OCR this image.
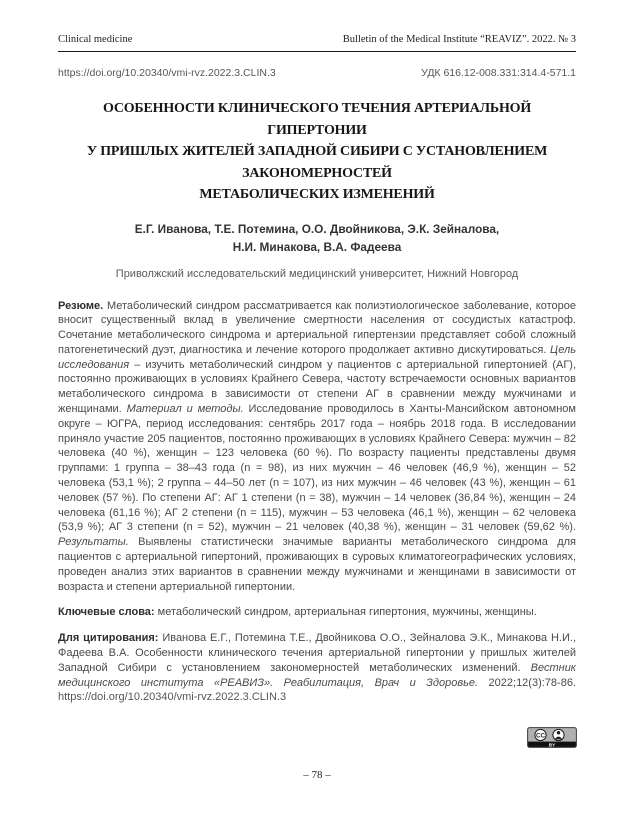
Clinical medicine	Bulletin of the Medical Institute “REAVIZ”. 2022. № 3
https://doi.org/10.20340/vmi-rvz.2022.3.CLIN.3	УДК 616.12-008.331:314.4-571.1
ОСОБЕННОСТИ КЛИНИЧЕСКОГО ТЕЧЕНИЯ АРТЕРИАЛЬНОЙ ГИПЕРТОНИИ
У ПРИШЛЫХ ЖИТЕЛЕЙ ЗАПАДНОЙ СИБИРИ С УСТАНОВЛЕНИЕМ ЗАКОНОМЕРНОСТЕЙ
МЕТАБОЛИЧЕСКИХ ИЗМЕНЕНИЙ
Е.Г. Иванова, Т.Е. Потемина, О.О. Двойникова, Э.К. Зейналова,
Н.И. Минакова, В.А. Фадеева
Приволжский исследовательский медицинский университет, Нижний Новгород

Резюме. Метаболический синдром рассматривается как полиэтиологическое заболевание, которое вносит существенный вклад в увеличение смертности населения от сосудистых катастроф. Сочетание метаболического синдрома и артериальной гипертензии представляет собой сложный патогенетический дуэт, диагностика и лечение которого продолжает активно дискутироваться. Цель исследования – изучить метаболический синдром у пациентов с артериальной гипертонией (АГ), постоянно проживающих в условиях Крайнего Севера, частоту встречаемости основных вариантов метаболического синдрома в зависимости от степени АГ в сравнении между мужчинами и женщинами. Материал и методы. Исследование проводилось в Ханты-Мансийском автономном округе – ЮГРА, период исследования: сентябрь 2017 года – ноябрь 2018 года. В исследовании приняло участие 205 пациентов, постоянно проживающих в условиях Крайнего Севера: мужчин – 82 человека (40 %), женщин – 123 человека (60 %). По возрасту пациенты представлены двумя группами: 1 группа – 38–43 года (n = 98), из них мужчин – 46 человек (46,9 %), женщин – 52 человека (53,1 %); 2 группа – 44–50 лет (n = 107), из них мужчин – 46 человек (43 %), женщин – 61 человек (57 %). По степени АГ: АГ 1 степени (n = 38), мужчин – 14 человек (36,84 %), женщин – 24 человека (61,16 %); АГ 2 степени (n = 115), мужчин – 53 человека (46,1 %), женщин – 62 человека (53,9 %); АГ 3 степени (n = 52), мужчин – 21 человек (40,38 %), женщин – 31 человек (59,62 %). Результаты. Выявлены статистически значимые варианты метаболического синдрома для пациентов с артериальной гипертоний, проживающих в суровых климатогеографических условиях, проведен анализ этих вариантов в сравнении между мужчинами и женщинами в зависимости от возраста и степени артериальной гипертонии.

Ключевые слова: метаболический синдром, артериальная гипертония, мужчины, женщины.

Для цитирования: Иванова Е.Г., Потемина Т.Е., Двойникова О.О., Зейналова Э.К., Минакова Н.И., Фадеева В.А. Особенности клинического течения артериальной гипертонии у пришлых жителей Западной Сибири с установлением закономерностей метаболических изменений. Вестник медицинского института «РЕАВИЗ». Реабилитация, Врач и Здоровье. 2022;12(3):78-86. https://doi.org/10.20340/vmi-rvz.2022.3.CLIN.3

CC
BY
– 78 –
